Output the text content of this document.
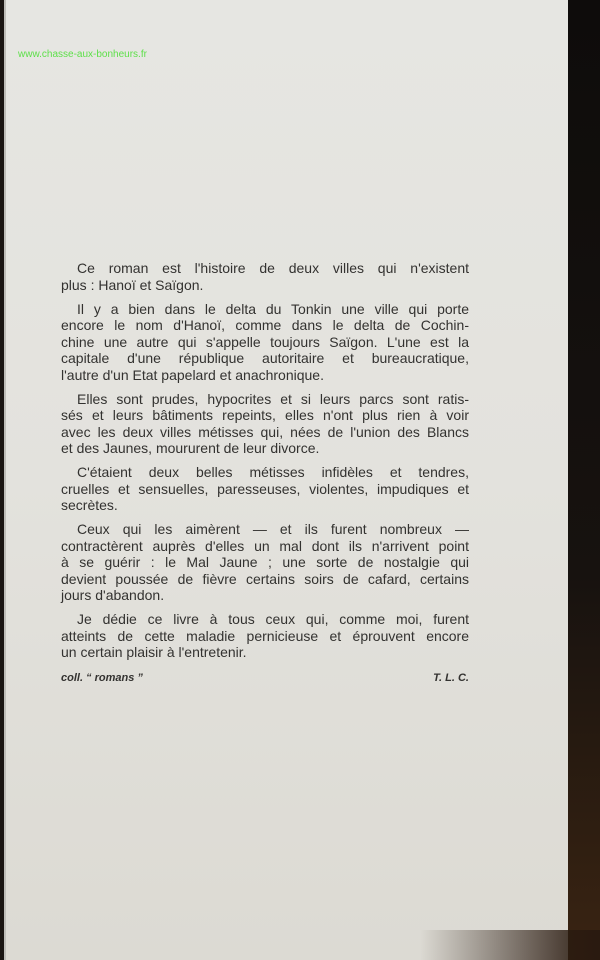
www.chasse-aux-bonheurs.fr
Ce roman est l'histoire de deux villes qui n'existent
plus : Hanoï et Saïgon.
Il y a bien dans le delta du Tonkin une ville qui porte
encore le nom d'Hanoï, comme dans le delta de Cochin-
chine une autre qui s'appelle toujours Saïgon. L'une est la
capitale d'une république autoritaire et bureaucratique,
l'autre d'un Etat papelard et anachronique.
Elles sont prudes, hypocrites et si leurs parcs sont ratis-
sés et leurs bâtiments repeints, elles n'ont plus rien à voir
avec les deux villes métisses qui, nées de l'union des Blancs
et des Jaunes, moururent de leur divorce.
C'étaient deux belles métisses infidèles et tendres,
cruelles et sensuelles, paresseuses, violentes, impudiques et
secrètes.
Ceux qui les aimèrent — et ils furent nombreux —
contractèrent auprès d'elles un mal dont ils n'arrivent point
à se guérir : le Mal Jaune ; une sorte de nostalgie qui
devient poussée de fièvre certains soirs de cafard, certains
jours d'abandon.
Je dédie ce livre à tous ceux qui, comme moi, furent
atteints de cette maladie pernicieuse et éprouvent encore
un certain plaisir à l'entretenir.
coll. “ romans ”	T. L. C.
